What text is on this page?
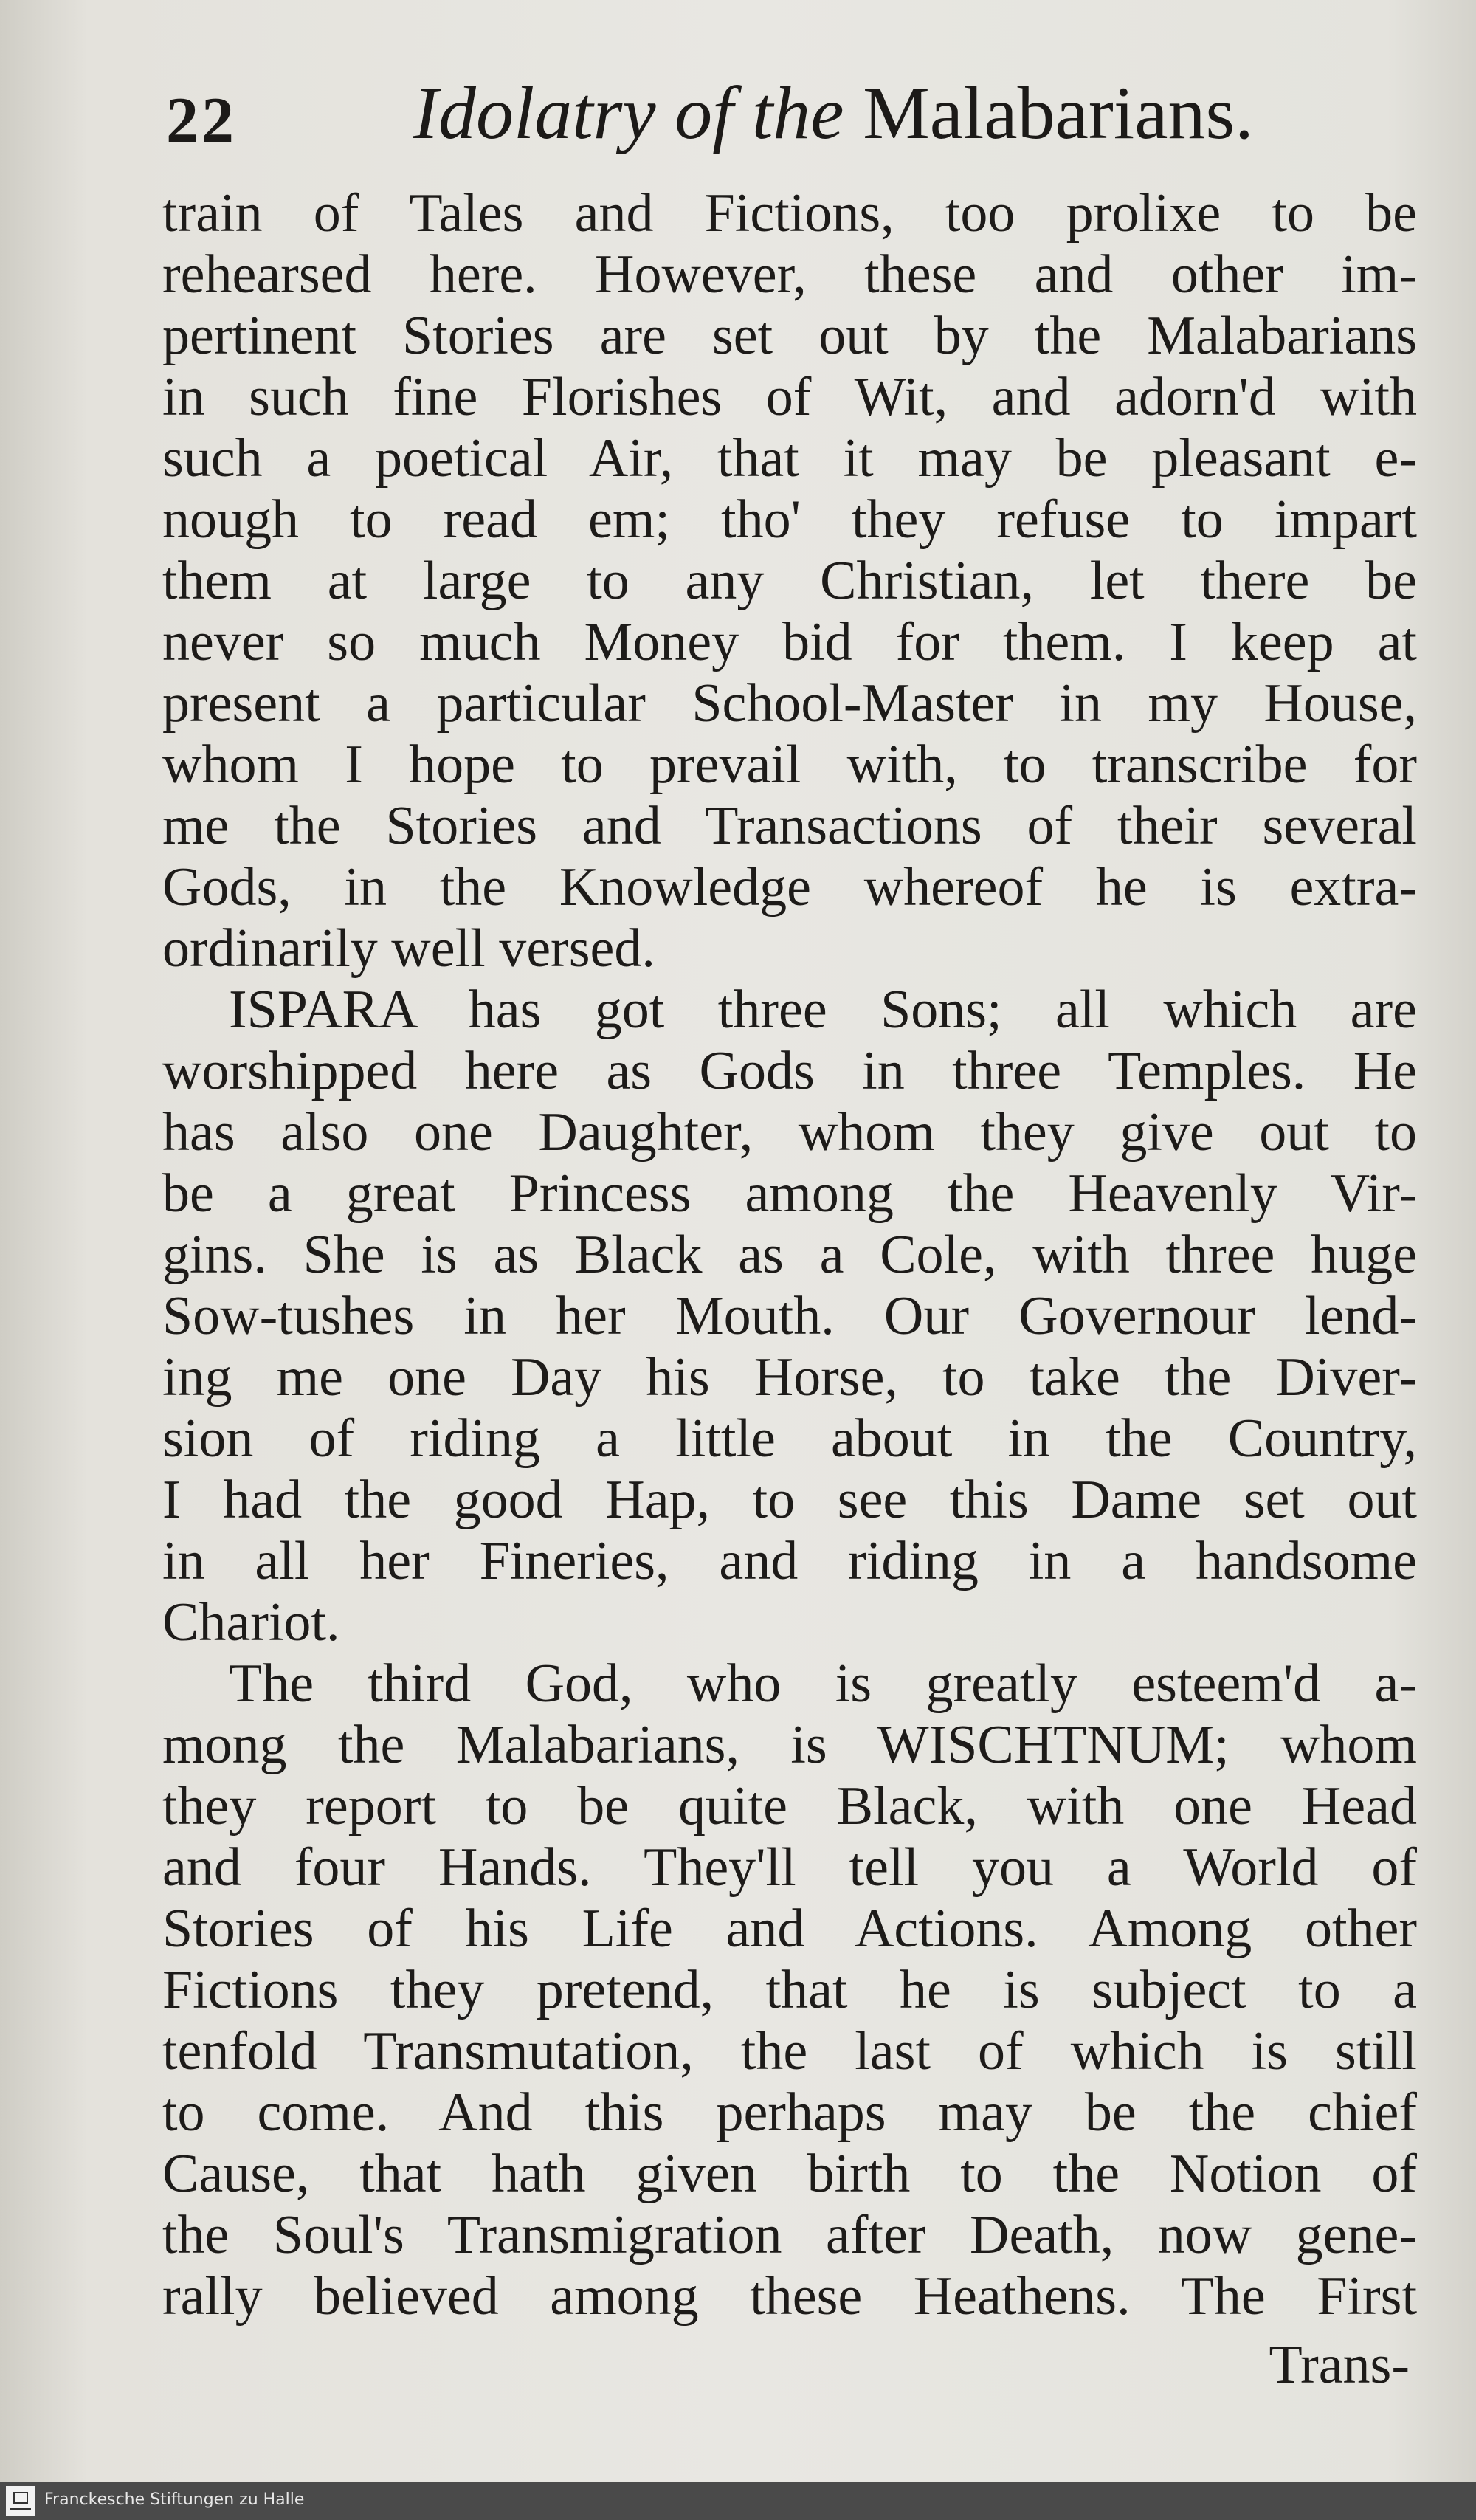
22 Idolatry of the Malabarians.
train of Tales and Fictions, too prolixe to be
rehearsed here. However, these and other im-
pertinent Stories are set out by the Malabarians
in such fine Florishes of Wit, and adorn'd with
such a poetical Air, that it may be pleasant e-
nough to read em; tho' they refuse to impart
them at large to any Christian, let there be
never so much Money bid for them. I keep at
present a particular School-Master in my House,
whom I hope to prevail with, to transcribe for
me the Stories and Transactions of their several
Gods, in the Knowledge whereof he is extra-
ordinarily well versed.
ISPARA has got three Sons; all which are
worshipped here as Gods in three Temples. He
has also one Daughter, whom they give out to
be a great Princess among the Heavenly Vir-
gins. She is as Black as a Cole, with three huge
Sow-tushes in her Mouth. Our Governour lend-
ing me one Day his Horse, to take the Diver-
sion of riding a little about in the Country,
I had the good Hap, to see this Dame set out
in all her Fineries, and riding in a handsome
Chariot.
The third God, who is greatly esteem'd a-
mong the Malabarians, is WISCHTNUM; whom
they report to be quite Black, with one Head
and four Hands. They'll tell you a World of
Stories of his Life and Actions. Among other
Fictions they pretend, that he is subject to a
tenfold Transmutation, the last of which is still
to come. And this perhaps may be the chief
Cause, that hath given birth to the Notion of
the Soul's Transmigration after Death, now gene-
rally believed among these Heathens. The First
Trans-
Franckesche Stiftungen zu Halle
